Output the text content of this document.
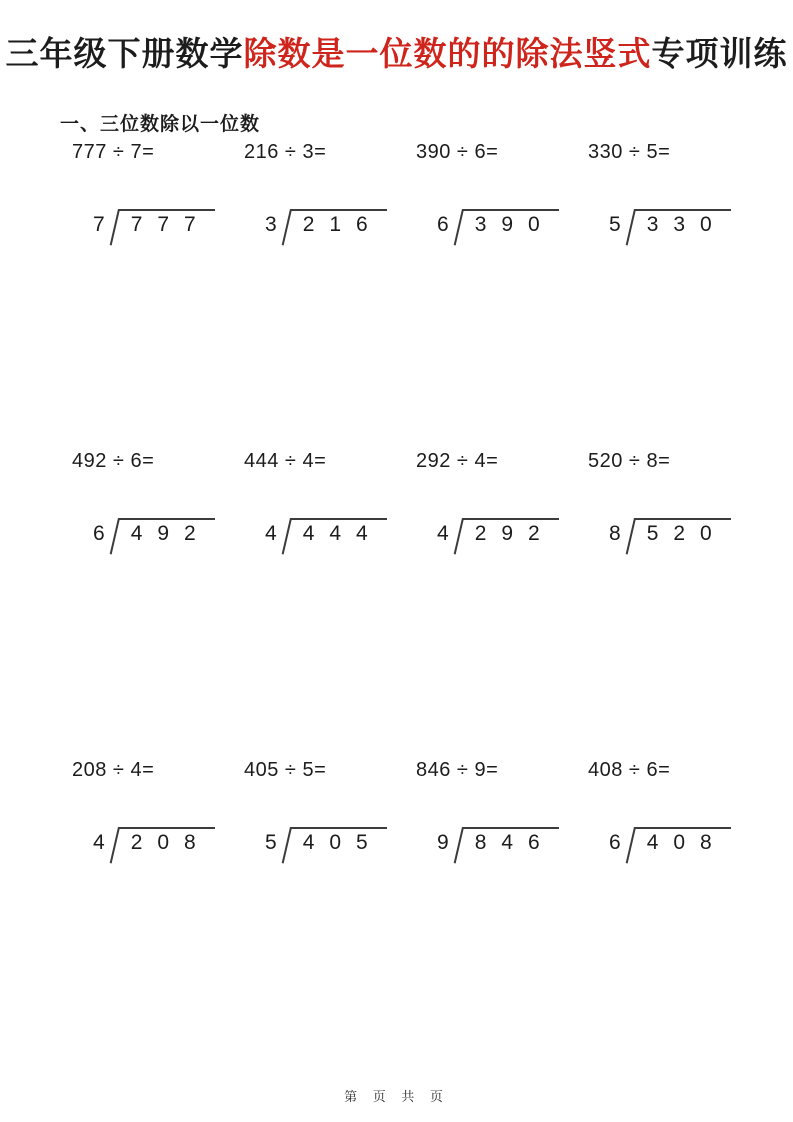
三年级下册数学除数是一位数的的除法竖式专项训练
一、三位数除以一位数
777 ÷ 7=
7	777
216 ÷ 3=
3	216
390 ÷ 6=
6	390
330 ÷ 5=
5	330
492 ÷ 6=
6	492
444 ÷ 4=
4	444
292 ÷ 4=
4	292
520 ÷ 8=
8	520
208 ÷ 4=
4	208
405 ÷ 5=
5	405
846 ÷ 9=
9	846
408 ÷ 6=
6	408
第 页 共 页
